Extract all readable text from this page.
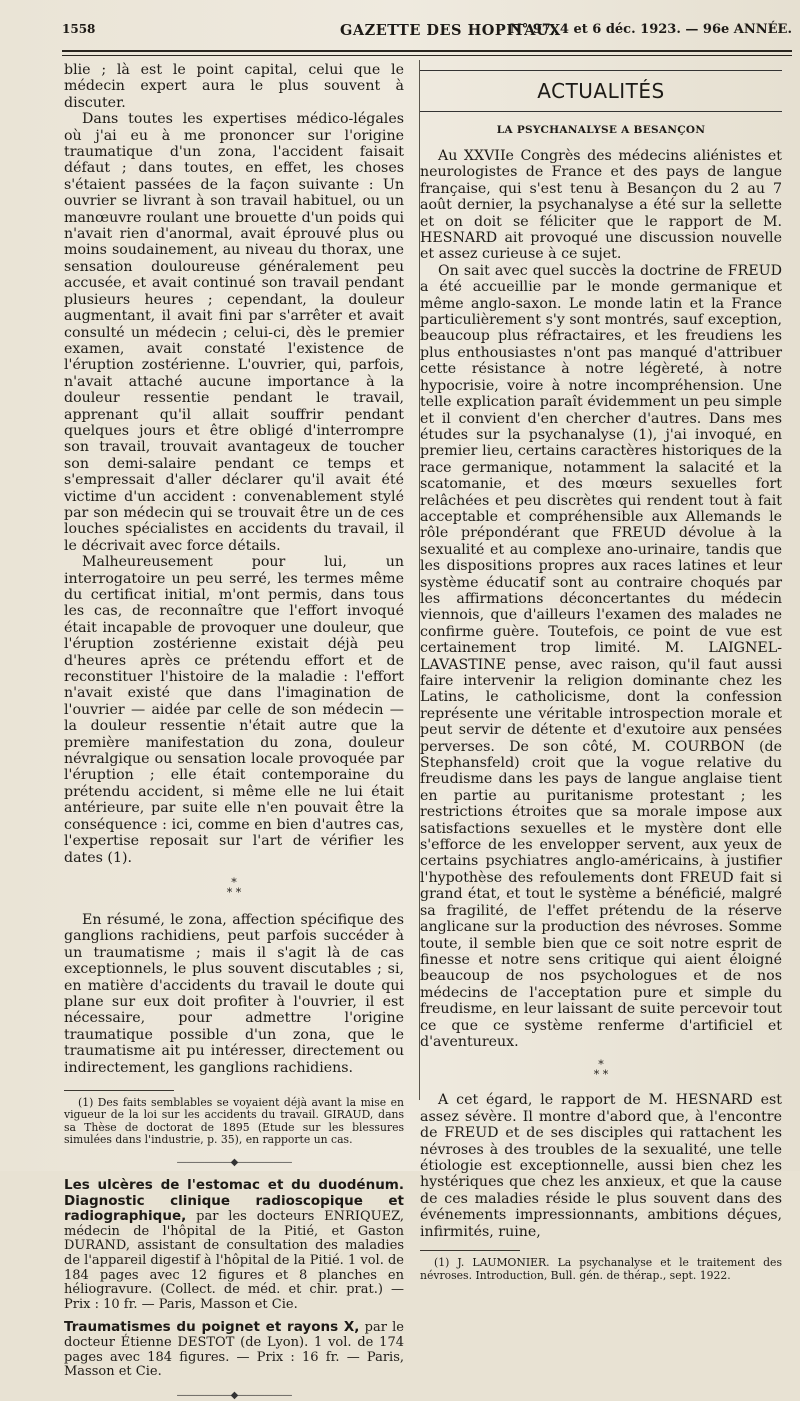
1558	GAZETTE DES HOPITAUX
N° 97, 4 et 6 déc. 1923. — 96e ANNÉE.

blie ; là est le point capital, celui que le médecin expert aura le plus souvent à discuter.

Dans toutes les expertises médico-légales où j'ai eu à me prononcer sur l'origine traumatique d'un zona, l'accident faisait défaut ; dans toutes, en effet, les choses s'étaient passées de la façon suivante : Un ouvrier se livrant à son travail habituel, ou un manœuvre roulant une brouette d'un poids qui n'avait rien d'anormal, avait éprouvé plus ou moins soudainement, au niveau du thorax, une sensation douloureuse généralement peu accusée, et avait continué son travail pendant plusieurs heures ; cependant, la douleur augmentant, il avait fini par s'arrêter et avait consulté un médecin ; celui-ci, dès le premier examen, avait constaté l'existence de l'éruption zostérienne. L'ouvrier, qui, parfois, n'avait attaché aucune importance à la douleur ressentie pendant le travail, apprenant qu'il allait souffrir pendant quelques jours et être obligé d'interrompre son travail, trouvait avantageux de toucher son demi-salaire pendant ce temps et s'empressait d'aller déclarer qu'il avait été victime d'un accident : convenablement stylé par son médecin qui se trouvait être un de ces louches spécialistes en accidents du travail, il le décrivait avec force détails.

Malheureusement pour lui, un interrogatoire un peu serré, les termes même du certificat initial, m'ont permis, dans tous les cas, de reconnaître que l'effort invoqué était incapable de provoquer une douleur, que l'éruption zostérienne existait déjà peu d'heures après ce prétendu effort et de reconstituer l'histoire de la maladie : l'effort n'avait existé que dans l'imagination de l'ouvrier — aidée par celle de son médecin — la douleur ressentie n'était autre que la première manifestation du zona, douleur névralgique ou sensation locale provoquée par l'éruption ; elle était contemporaine du prétendu accident, si même elle ne lui était antérieure, par suite elle n'en pouvait être la conséquence : ici, comme en bien d'autres cas, l'expertise reposait sur l'art de vérifier les dates (1).

*
* *

En résumé, le zona, affection spécifique des ganglions rachidiens, peut parfois succéder à un traumatisme ; mais il s'agit là de cas exceptionnels, le plus souvent discutables ; si, en matière d'accidents du travail le doute qui plane sur eux doit profiter à l'ouvrier, il est nécessaire, pour admettre l'origine traumatique possible d'un zona, que le traumatisme ait pu intéresser, directement ou indirectement, les ganglions rachidiens.

(1) Des faits semblables se voyaient déjà avant la mise en vigueur de la loi sur les accidents du travail. GIRAUD, dans sa Thèse de doctorat de 1895 (Etude sur les blessures simulées dans l'industrie, p. 35), en rapporte un cas.

——————◆——————

Les ulcères de l'estomac et du duodénum. Diagnostic clinique radioscopique et radiographique, par les docteurs ENRIQUEZ, médecin de l'hôpital de la Pitié, et Gaston DURAND, assistant de consultation des maladies de l'appareil digestif à l'hôpital de la Pitié. 1 vol. de 184 pages avec 12 figures et 8 planches en héliogravure. (Collect. de méd. et chir. prat.) — Prix : 10 fr. — Paris, Masson et Cie.

Traumatismes du poignet et rayons X, par le docteur Étienne DESTOT (de Lyon). 1 vol. de 174 pages avec 184 figures. — Prix : 16 fr. — Paris, Masson et Cie.

——————◆——————
ACTUALITÉS
LA PSYCHANALYSE A BESANÇON

Au XXVIIe Congrès des médecins aliénistes et neurologistes de France et des pays de langue française, qui s'est tenu à Besançon du 2 au 7 août dernier, la psychanalyse a été sur la sellette et on doit se féliciter que le rapport de M. HESNARD ait provoqué une discussion nouvelle et assez curieuse à ce sujet.

On sait avec quel succès la doctrine de FREUD a été accueillie par le monde germanique et même anglo-saxon. Le monde latin et la France particulièrement s'y sont montrés, sauf exception, beaucoup plus réfractaires, et les freudiens les plus enthousiastes n'ont pas manqué d'attribuer cette résistance à notre légèreté, à notre hypocrisie, voire à notre incompréhension. Une telle explication paraît évidemment un peu simple et il convient d'en chercher d'autres. Dans mes études sur la psychanalyse (1), j'ai invoqué, en premier lieu, certains caractères historiques de la race germanique, notamment la salacité et la scatomanie, et des mœurs sexuelles fort relâchées et peu discrètes qui rendent tout à fait acceptable et compréhensible aux Allemands le rôle prépondérant que FREUD dévolue à la sexualité et au complexe ano-urinaire, tandis que les dispositions propres aux races latines et leur système éducatif sont au contraire choqués par les affirmations déconcertantes du médecin viennois, que d'ailleurs l'examen des malades ne confirme guère. Toutefois, ce point de vue est certainement trop limité. M. LAIGNEL-LAVASTINE pense, avec raison, qu'il faut aussi faire intervenir la religion dominante chez les Latins, le catholicisme, dont la confession représente une véritable introspection morale et peut servir de détente et d'exutoire aux pensées perverses. De son côté, M. COURBON (de Stephansfeld) croit que la vogue relative du freudisme dans les pays de langue anglaise tient en partie au puritanisme protestant ; les restrictions étroites que sa morale impose aux satisfactions sexuelles et le mystère dont elle s'efforce de les envelopper servent, aux yeux de certains psychiatres anglo-américains, à justifier l'hypothèse des refoulements dont FREUD fait si grand état, et tout le système a bénéficié, malgré sa fragilité, de l'effet prétendu de la réserve anglicane sur la production des névroses. Somme toute, il semble bien que ce soit notre esprit de finesse et notre sens critique qui aient éloigné beaucoup de nos psychologues et de nos médecins de l'acceptation pure et simple du freudisme, en leur laissant de suite percevoir tout ce que ce système renferme d'artificiel et d'aventureux.

*
* *

A cet égard, le rapport de M. HESNARD est assez sévère. Il montre d'abord que, à l'encontre de FREUD et de ses disciples qui rattachent les névroses à des troubles de la sexualité, une telle étiologie est exceptionnelle, aussi bien chez les hystériques que chez les anxieux, et que la cause de ces maladies réside le plus souvent dans des événements impressionnants, ambitions déçues, infirmités, ruine,

(1) J. LAUMONIER. La psychanalyse et le traitement des névroses. Introduction, Bull. gén. de thérap., sept. 1922.
